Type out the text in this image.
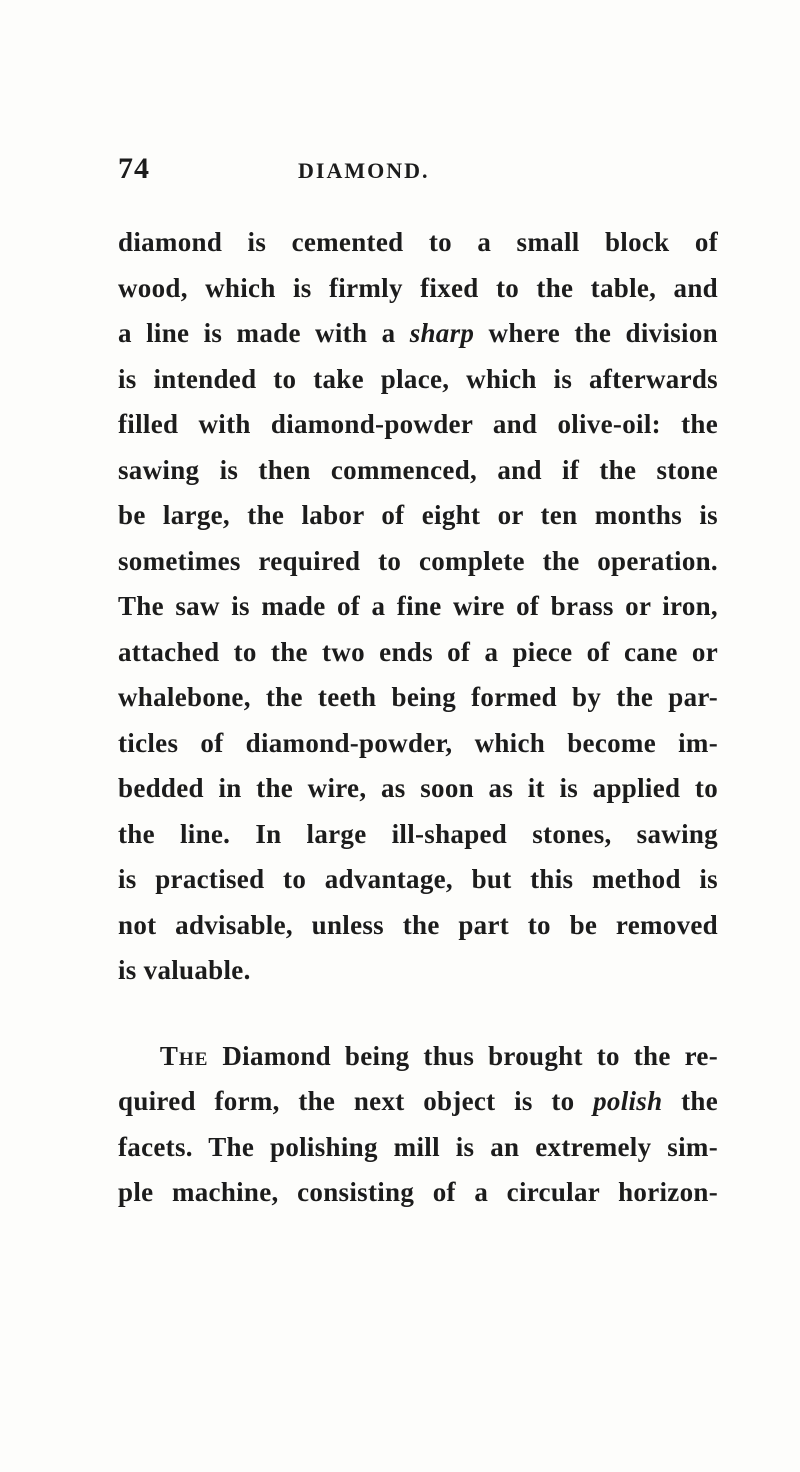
74	DIAMOND.
diamond is cemented to a small block of
wood, which is firmly fixed to the table, and
a line is made with a sharp where the division
is intended to take place, which is afterwards
filled with diamond-powder and olive-oil: the
sawing is then commenced, and if the stone
be large, the labor of eight or ten months is
sometimes required to complete the operation.
The saw is made of a fine wire of brass or iron,
attached to the two ends of a piece of cane or
whalebone, the teeth being formed by the par-
ticles of diamond-powder, which become im-
bedded in the wire, as soon as it is applied to
the line. In large ill-shaped stones, sawing
is practised to advantage, but this method is
not advisable, unless the part to be removed
is valuable.
The Diamond being thus brought to the re-
quired form, the next object is to polish the
facets. The polishing mill is an extremely sim-
ple machine, consisting of a circular horizon-
